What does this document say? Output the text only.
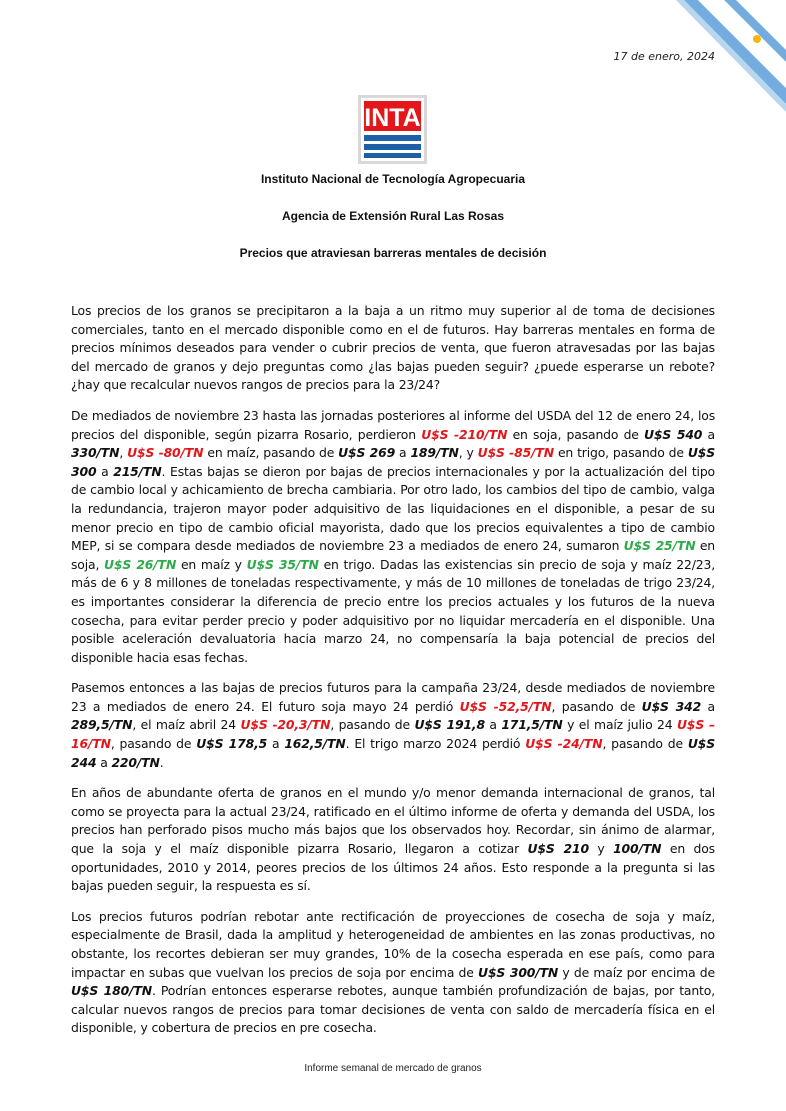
17 de enero, 2024
INTA
Instituto Nacional de Tecnología Agropecuaria
Agencia de Extensión Rural Las Rosas
Precios que atraviesan barreras mentales de decisión

Los precios de los granos se precipitaron a la baja a un ritmo muy superior al de toma de decisiones comerciales, tanto en el mercado disponible como en el de futuros. Hay barreras mentales en forma de precios mínimos deseados para vender o cubrir precios de venta, que fueron atravesadas por las bajas del mercado de granos y dejo preguntas como ¿las bajas pueden seguir? ¿puede esperarse un rebote? ¿hay que recalcular nuevos rangos de precios para la 23/24?

De mediados de noviembre 23 hasta las jornadas posteriores al informe del USDA del 12 de enero 24, los precios del disponible, según pizarra Rosario, perdieron U$S -210/TN en soja, pasando de U$S 540 a 330/TN, U$S -80/TN en maíz, pasando de U$S 269 a 189/TN, y U$S -85/TN en trigo, pasando de U$S 300 a 215/TN. Estas bajas se dieron por bajas de precios internacionales y por la actualización del tipo de cambio local y achicamiento de brecha cambiaria. Por otro lado, los cambios del tipo de cambio, valga la redundancia, trajeron mayor poder adquisitivo de las liquidaciones en el disponible, a pesar de su menor precio en tipo de cambio oficial mayorista, dado que los precios equivalentes a tipo de cambio MEP, si se compara desde mediados de noviembre 23 a mediados de enero 24, sumaron U$S 25/TN en soja, U$S 26/TN en maíz y U$S 35/TN en trigo. Dadas las existencias sin precio de soja y maíz 22/23, más de 6 y 8 millones de toneladas respectivamente, y más de 10 millones de toneladas de trigo 23/24, es importantes considerar la diferencia de precio entre los precios actuales y los futuros de la nueva cosecha, para evitar perder precio y poder adquisitivo por no liquidar mercadería en el disponible. Una posible aceleración devaluatoria hacia marzo 24, no compensaría la baja potencial de precios del disponible hacia esas fechas.

Pasemos entonces a las bajas de precios futuros para la campaña 23/24, desde mediados de noviembre 23 a mediados de enero 24. El futuro soja mayo 24 perdió U$S -52,5/TN, pasando de U$S 342 a 289,5/TN, el maíz abril 24 U$S -20,3/TN, pasando de U$S 191,8 a 171,5/TN y el maíz julio 24 U$S –16/TN, pasando de U$S 178,5 a 162,5/TN. El trigo marzo 2024 perdió U$S -24/TN, pasando de U$S 244 a 220/TN.

En años de abundante oferta de granos en el mundo y/o menor demanda internacional de granos, tal como se proyecta para la actual 23/24, ratificado en el último informe de oferta y demanda del USDA, los precios han perforado pisos mucho más bajos que los observados hoy. Recordar, sin ánimo de alarmar, que la soja y el maíz disponible pizarra Rosario, llegaron a cotizar U$S 210 y 100/TN en dos oportunidades, 2010 y 2014, peores precios de los últimos 24 años. Esto responde a la pregunta si las bajas pueden seguir, la respuesta es sí.

Los precios futuros podrían rebotar ante rectificación de proyecciones de cosecha de soja y maíz, especialmente de Brasil, dada la amplitud y heterogeneidad de ambientes en las zonas productivas, no obstante, los recortes debieran ser muy grandes, 10% de la cosecha esperada en ese país, como para impactar en subas que vuelvan los precios de soja por encima de U$S 300/TN y de maíz por encima de U$S 180/TN. Podrían entonces esperarse rebotes, aunque también profundización de bajas, por tanto, calcular nuevos rangos de precios para tomar decisiones de venta con saldo de mercadería física en el disponible, y cobertura de precios en pre cosecha.

Informe semanal de mercado de granos
